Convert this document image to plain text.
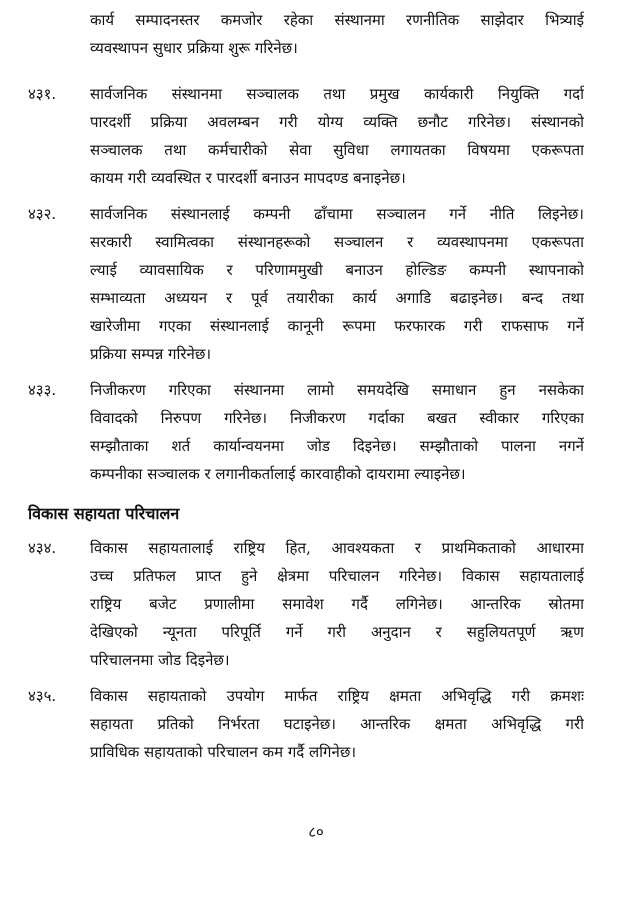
कार्य सम्पादनस्तर कमजोर रहेका संस्थानमा रणनीतिक साझेदार भित्र्याई
व्यवस्थापन सुधार प्रक्रिया शुरू गरिनेछ।
४३१.	सार्वजनिक संस्थानमा सञ्चालक तथा प्रमुख कार्यकारी नियुक्ति गर्दा
पारदर्शी प्रक्रिया अवलम्बन गरी योग्य व्यक्ति छनौट गरिनेछ। संस्थानको
सञ्चालक तथा कर्मचारीको सेवा सुविधा लगायतका विषयमा एकरूपता
कायम गरी व्यवस्थित र पारदर्शी बनाउन मापदण्ड बनाइनेछ।
४३२.	सार्वजनिक संस्थानलाई कम्पनी ढाँचामा सञ्चालन गर्ने नीति लिइनेछ।
सरकारी स्वामित्वका संस्थानहरूको सञ्चालन र व्यवस्थापनमा एकरूपता
ल्याई व्यावसायिक र परिणाममुखी बनाउन होल्डिङ कम्पनी स्थापनाको
सम्भाव्यता अध्ययन र पूर्व तयारीका कार्य अगाडि बढाइनेछ। बन्द तथा
खारेजीमा गएका संस्थानलाई कानूनी रूपमा फरफारक गरी राफसाफ गर्ने
प्रक्रिया सम्पन्न गरिनेछ।
४३३.	निजीकरण गरिएका संस्थानमा लामो समयदेखि समाधान हुन नसकेका
विवादको निरुपण गरिनेछ। निजीकरण गर्दाका बखत स्वीकार गरिएका
सम्झौताका शर्त कार्यान्वयनमा जोड दिइनेछ। सम्झौताको पालना नगर्ने
कम्पनीका सञ्चालक र लगानीकर्तालाई कारवाहीको दायरामा ल्याइनेछ।
विकास सहायता परिचालन
४३४.	विकास सहायतालाई राष्ट्रिय हित, आवश्यकता र प्राथमिकताको आधारमा
उच्च प्रतिफल प्राप्त हुने क्षेत्रमा परिचालन गरिनेछ। विकास सहायतालाई
राष्ट्रिय बजेट प्रणालीमा समावेश गर्दै लगिनेछ। आन्तरिक स्रोतमा
देखिएको न्यूनता परिपूर्ति गर्ने गरी अनुदान र सहुलियतपूर्ण ऋण
परिचालनमा जोड दिइनेछ।
४३५.	विकास सहायताको उपयोग मार्फत राष्ट्रिय क्षमता अभिवृद्धि गरी क्रमशः
सहायता प्रतिको निर्भरता घटाइनेछ। आन्तरिक क्षमता अभिवृद्धि गरी
प्राविधिक सहायताको परिचालन कम गर्दै लगिनेछ।
८०
